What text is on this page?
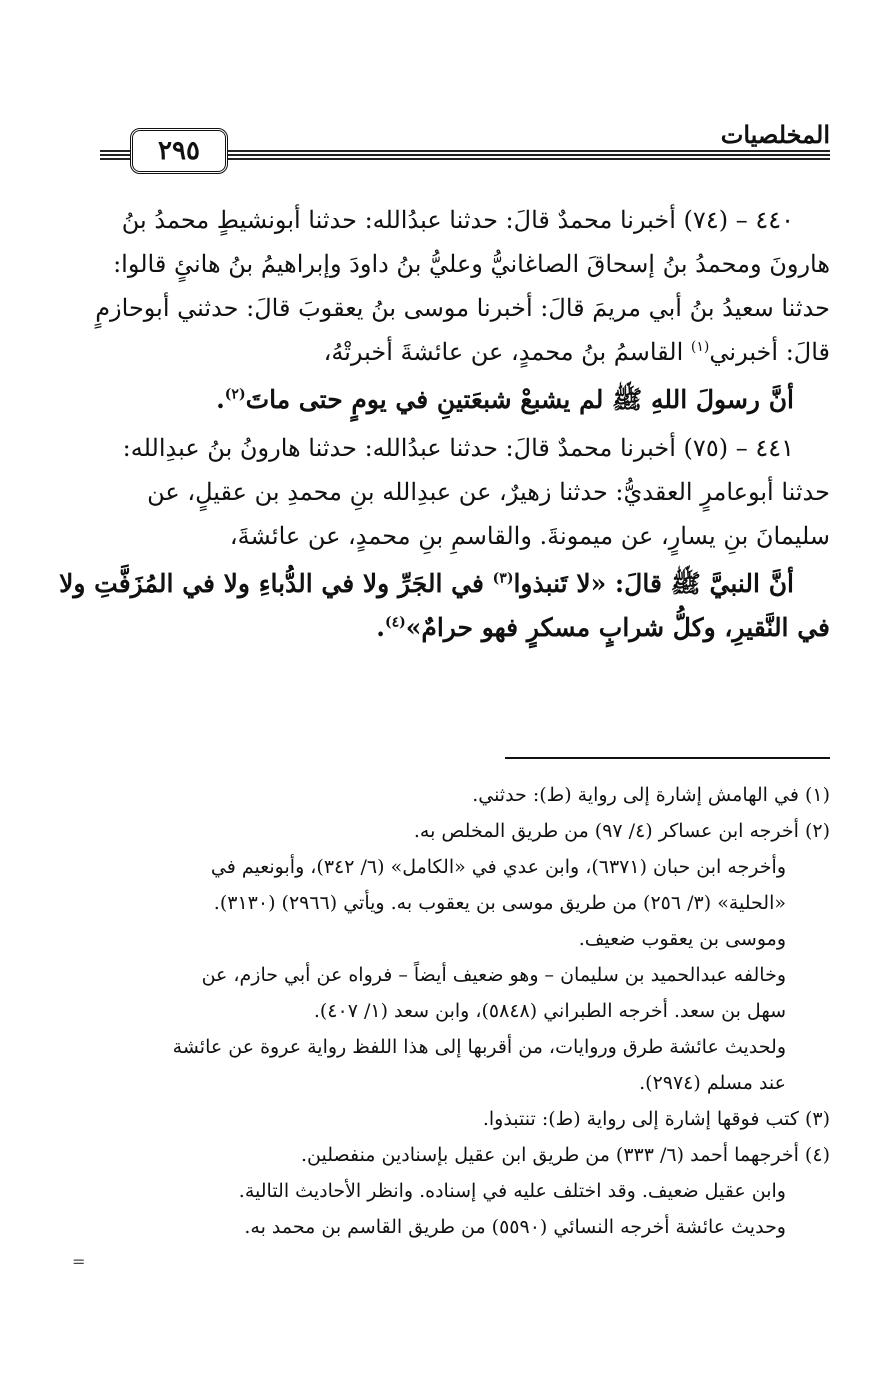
المخلصيات
٢٩٥
٤٤٠ – (٧٤) أخبرنا محمدٌ قالَ: حدثنا عبدُالله: حدثنا أبونشيطٍ محمدُ بنُ
هارونَ ومحمدُ بنُ إسحاقَ الصاغانيُّ وعليُّ بنُ داودَ وإبراهيمُ بنُ هانئٍ قالوا:
حدثنا سعيدُ بنُ أبي مريمَ قالَ: أخبرنا موسى بنُ يعقوبَ قالَ: حدثني أبوحازمٍ
قالَ: أخبرني$^{(١)}$ القاسمُ بنُ محمدٍ، عن عائشةَ أخبرتْهُ،
أنَّ رسولَ اللهِ ﷺ لم يشبعْ شبعَتينِ في يومٍ حتى ماتَ$^{(٢)}$.
٤٤١ – (٧٥) أخبرنا محمدٌ قالَ: حدثنا عبدُالله: حدثنا هارونُ بنُ عبدِالله:
حدثنا أبوعامرٍ العقديُّ: حدثنا زهيرٌ، عن عبدِالله بنِ محمدِ بن عقيلٍ، عن
سليمانَ بنِ يسارٍ، عن ميمونةَ. والقاسمِ بنِ محمدٍ، عن عائشةَ،
أنَّ النبيَّ ﷺ قالَ: «لا تَنبذوا$^{(٣)}$ في الجَرِّ ولا في الدُّباءِ ولا في المُزَفَّتِ ولا
في النَّقيرِ، وكلُّ شرابٍ مسكرٍ فهو حرامٌ»$^{(٤)}$.

(١) في الهامش إشارة إلى رواية (ط): حدثني.

(٢) أخرجه ابن عساكر (٤/ ٩٧) من طريق المخلص به.

وأخرجه ابن حبان (٦٣٧١)، وابن عدي في «الكامل» (٦/ ٣٤٢)، وأبونعيم في

«الحلية» (٣/ ٢٥٦) من طريق موسى بن يعقوب به. ويأتي (٢٩٦٦) (٣١٣٠).

وموسى بن يعقوب ضعيف.

وخالفه عبدالحميد بن سليمان – وهو ضعيف أيضاً – فرواه عن أبي حازم، عن

سهل بن سعد. أخرجه الطبراني (٥٨٤٨)، وابن سعد (١/ ٤٠٧).

ولحديث عائشة طرق وروايات، من أقربها إلى هذا اللفظ رواية عروة عن عائشة

عند مسلم (٢٩٧٤).

(٣) كتب فوقها إشارة إلى رواية (ط): تنتبذوا.

(٤) أخرجهما أحمد (٦/ ٣٣٣) من طريق ابن عقيل بإسنادين منفصلين.

وابن عقيل ضعيف. وقد اختلف عليه في إسناده. وانظر الأحاديث التالية.

وحديث عائشة أخرجه النسائي (٥٥٩٠) من طريق القاسم بن محمد به.

=
